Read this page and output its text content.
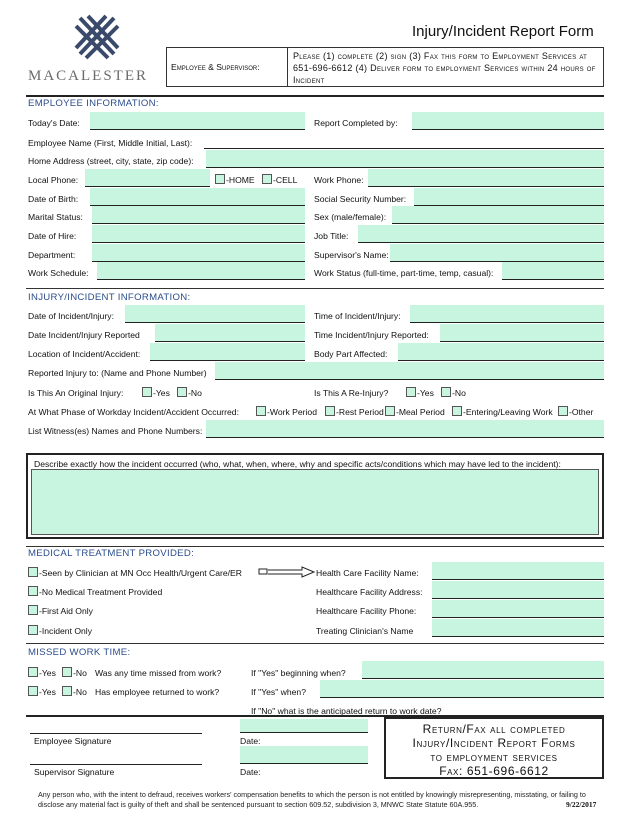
MACALESTER
Injury/Incident Report Form
Employee & Supervisor:
Please (1) complete (2) sign (3) Fax this form to Employment Services at 651-696-6612 (4) Deliver form to employment Services within 24 hours of Incident
EMPLOYEE INFORMATION:
Today's Date:	Report Completed by:
Employee Name (First, Middle Initial, Last):
Home Address (street, city, state, zip code):
Local Phone:	-HOME -CELL Work Phone:
Date of Birth:	Social Security Number:
Marital Status:	Sex (male/female):
Date of Hire:	Job Title:
Department:	Supervisor's Name:
Work Schedule:	Work Status (full-time, part-time, temp, casual):
INJURY/INCIDENT INFORMATION:
Date of Incident/Injury:	Time of Incident/Injury:
Date Incident/Injury Reported	Time Incident/Injury Reported:
Location of Incident/Accident:	Body Part Affected:
Reported Injury to: (Name and Phone Number)
Is This An Original Injury:	-Yes -No	Is This A Re-Injury?	-Yes -No
At What Phase of Workday Incident/Accident Occurred:	-Work Period -Rest Period -Meal Period -Entering/Leaving Work -Other
List Witness(es) Names and Phone Numbers:
Describe exactly how the incident occurred (who, what, when, where, why and specific acts/conditions which may have led to the incident):
MEDICAL TREATMENT PROVIDED:
-Seen by Clinician at MN Occ Health/Urgent Care/ER	Health Care Facility Name:
-No Medical Treatment Provided	Healthcare Facility Address:
-First Aid Only	Healthcare Facility Phone:
-Incident Only	Treating Clinician's Name
MISSED WORK TIME:
-Yes -No Was any time missed from work?	If "Yes" beginning when?
-Yes -No Has employee returned to work?	If "Yes" when?
If "No" what is the anticipated return to work date?
Employee Signature	Date:
Supervisor Signature	Date:
Return/Fax all completed
Injury/Incident Report Forms
to employment services
Fax: 651-696-6612
Any person who, with the intent to defraud, receives workers' compensation benefits to which the person is not entitled by knowingly misrepresenting, misstating, or failing to disclose any material fact is guilty of theft and shall be sentenced pursuant to section 609.52, subdivision 3, MNWC State Statute 60A.955.	9/22/2017
